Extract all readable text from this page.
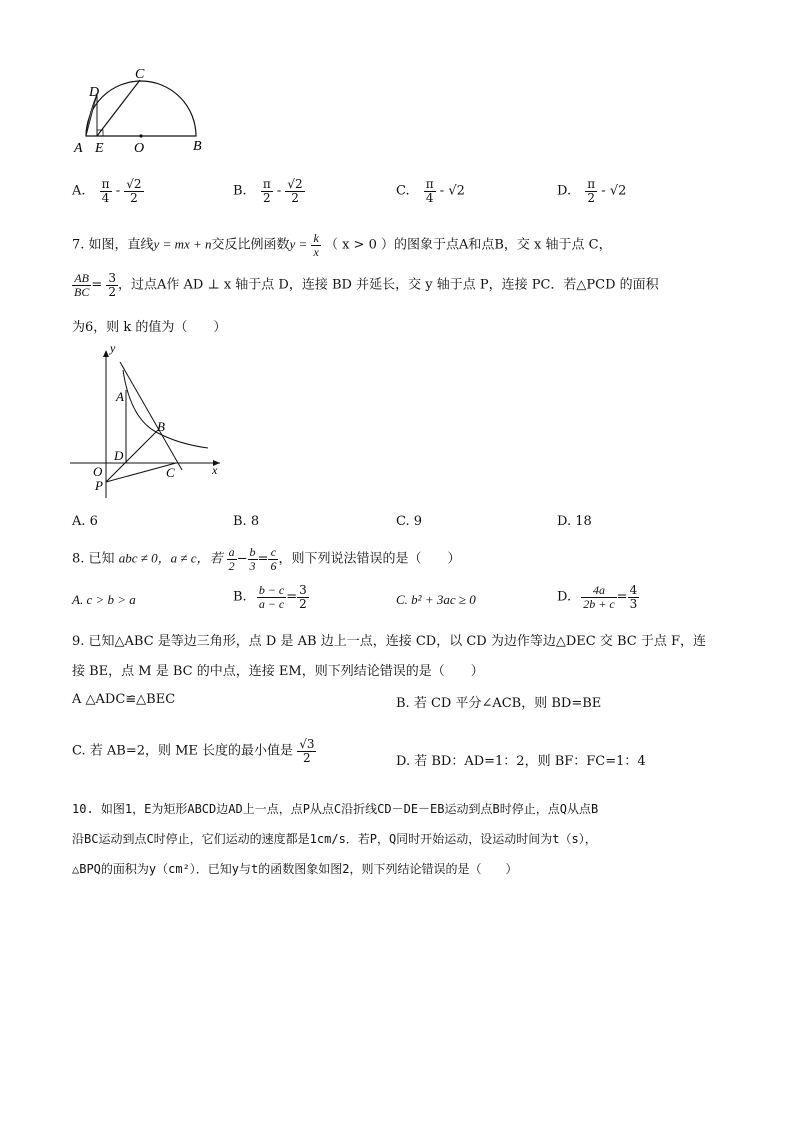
A E O	B
C
D
A. $\frac{\pi}{4} - \frac{√2}{2}$	B. $\frac{\pi}{2} - \frac{√2}{2}$	C. $\frac{\pi}{4} - √2$	D. $\frac{\pi}{2} - √2$
7. 如图，直线y = mx + n交反比例函数$y = \frac{k}{x}$ （ x > 0 ）的图象于点A和点B，交 x 轴于点 C，
$\frac{AB}{BC} = \frac{3}{2}$ ，过点A作 AD ⊥ x 轴于点 D，连接 BD 并延长，交 y 轴于点 P，连接 PC．若△PCD 的面积
为6，则 k 的值为（　　）
y
x
A
B
D
O
P
C
A. 6	B. 8	C. 9	D. 18
8. 已知 abc ≠ 0，a ≠ c，若 $\frac{a}{2} - \frac{b}{3} = \frac{c}{6}$ ，则下列说法错误的是（　　）
A. c > b > a	B. $\frac{b - c}{a - c} = \frac{3}{2}$	C. b² + 3ac ≥ 0	D. $\frac{4a}{2b + c} = \frac{4}{3}$
9. 已知△ABC 是等边三角形，点 D 是 AB 边上一点，连接 CD，以 CD 为边作等边△DEC 交 BC 于点 F，连
接 BE，点 M 是 BC 的中点，连接 EM，则下列结论错误的是（　　）
A △ADC≌△BEC	B. 若 CD 平分∠ACB，则 BD=BE
C. 若 AB=2，则 ME 长度的最小值是 $\frac{√3}{2}$	D. 若 BD：AD=1：2，则 BF：FC=1：4
10. 如图1，E为矩形ABCD边AD上一点，点P从点C沿折线CD－DE－EB运动到点B时停止，点Q从点B
沿BC运动到点C时停止，它们运动的速度都是1cm/s．若P，Q同时开始运动，设运动时间为t（s），
△BPQ的面积为y（cm²）．已知y与t的函数图象如图2，则下列结论错误的是（　　）
